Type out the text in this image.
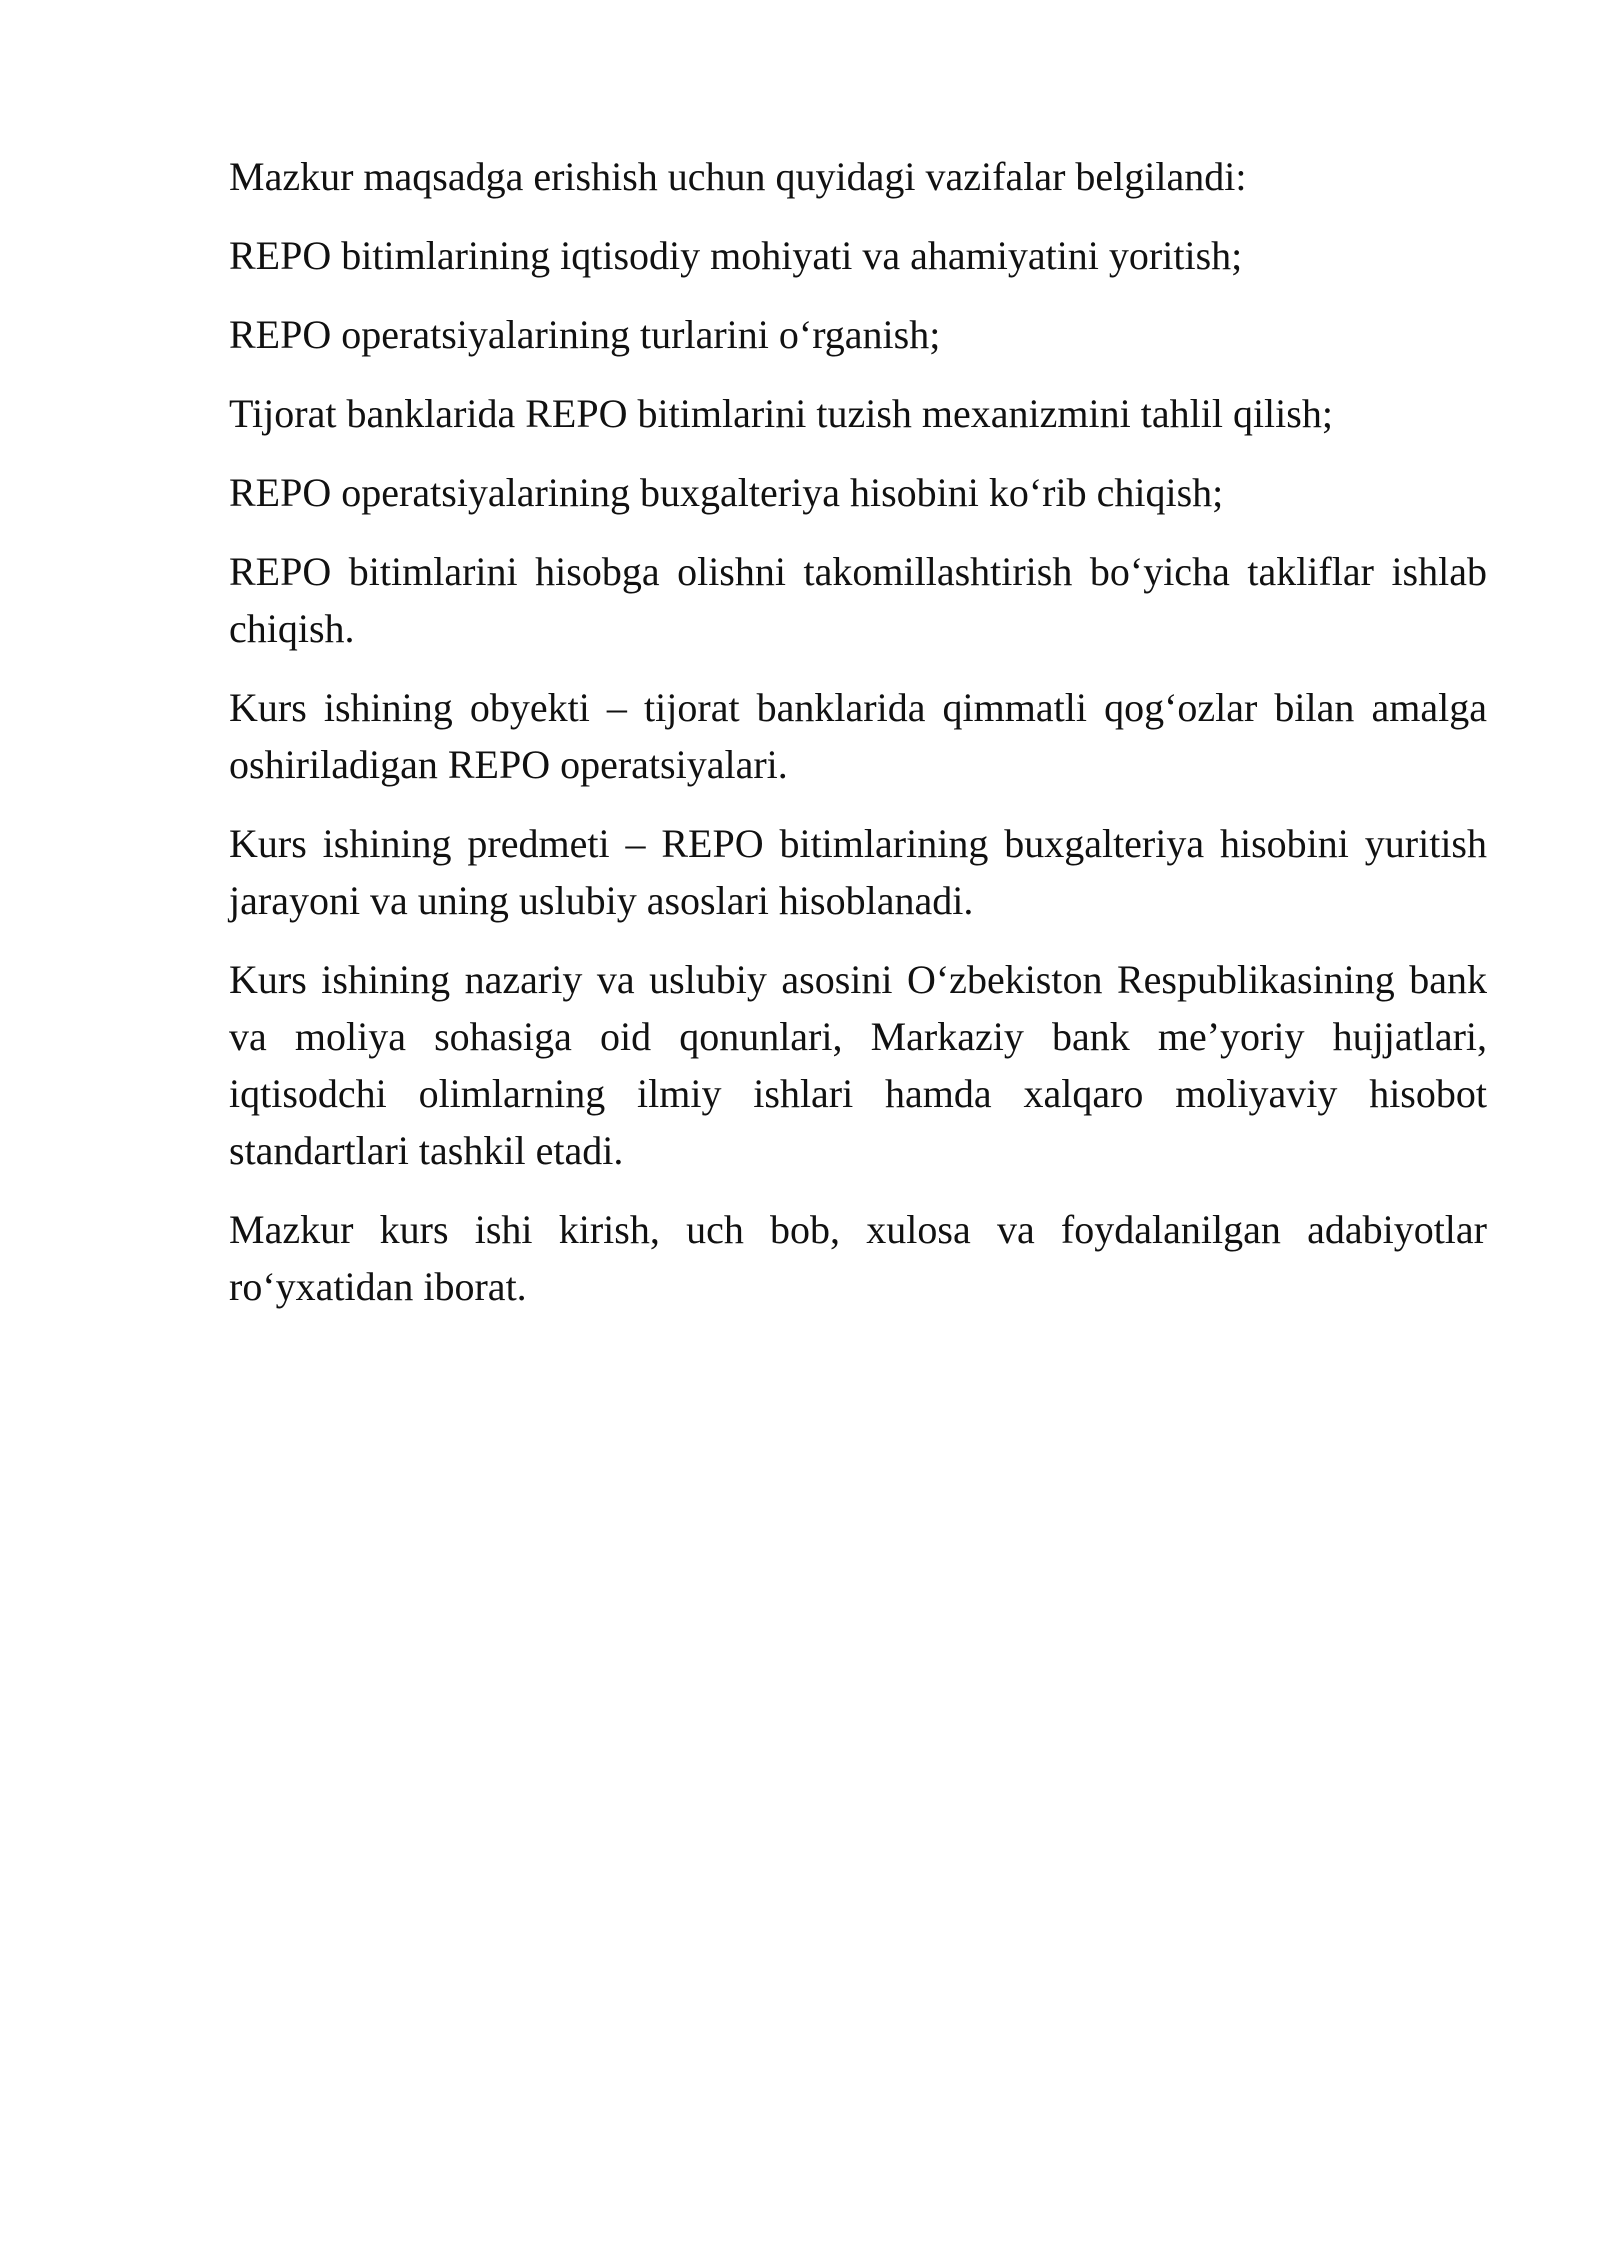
Mazkur maqsadga erishish uchun quyidagi vazifalar belgilandi:

REPO bitimlarining iqtisodiy mohiyati va ahamiyatini yoritish;

REPO operatsiyalarining turlarini o‘rganish;

Tijorat banklarida REPO bitimlarini tuzish mexanizmini tahlil qilish;

REPO operatsiyalarining buxgalteriya hisobini ko‘rib chiqish;

REPO bitimlarini hisobga olishni takomillashtirish bo‘yicha takliflar ishlab chiqish.

Kurs ishining obyekti – tijorat banklarida qimmatli qog‘ozlar bilan amalga oshiriladigan REPO operatsiyalari.

Kurs ishining predmeti – REPO bitimlarining buxgalteriya hisobini yuritish jarayoni va uning uslubiy asoslari hisoblanadi.

Kurs ishining nazariy va uslubiy asosini O‘zbekiston Respublikasining bank va moliya sohasiga oid qonunlari, Markaziy bank me’yoriy hujjatlari, iqtisodchi olimlarning ilmiy ishlari hamda xalqaro moliyaviy hisobot standartlari tashkil etadi.

Mazkur kurs ishi kirish, uch bob, xulosa va foydalanilgan adabiyotlar ro‘yxatidan iborat.
